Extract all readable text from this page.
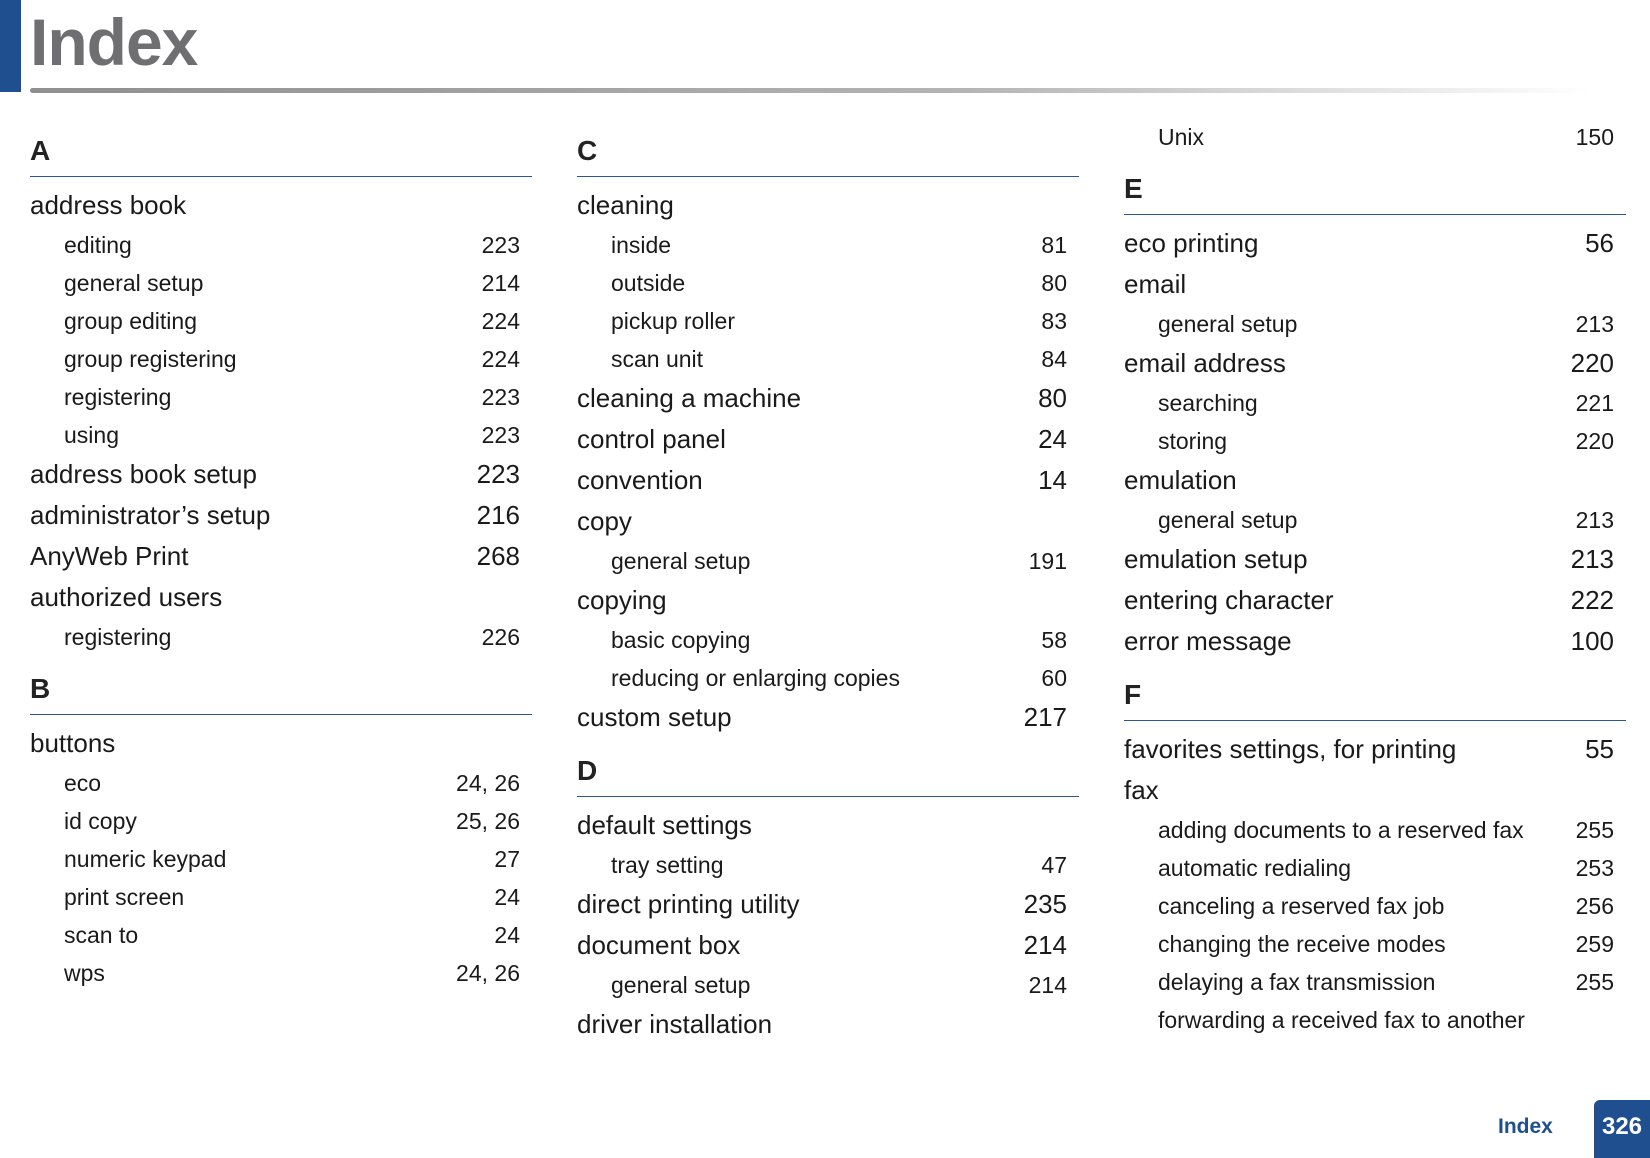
Index
A
address book
editing	223
general setup	214
group editing	224
group registering	224
registering	223
using	223
address book setup	223
administrator’s setup	216
AnyWeb Print	268
authorized users
registering	226
B
buttons
eco	24, 26
id copy	25, 26
numeric keypad	27
print screen	24
scan to	24
wps	24, 26
C
cleaning
inside	81
outside	80
pickup roller	83
scan unit	84
cleaning a machine	80
control panel	24
convention	14
copy
general setup	191
copying
basic copying	58
reducing or enlarging copies	60
custom setup	217
D
default settings
tray setting	47
direct printing utility	235
document box	214
general setup	214
driver installation
Unix	150
E
eco printing	56
email
general setup	213
email address	220
searching	221
storing	220
emulation
general setup	213
emulation setup	213
entering character	222
error message	100
F
favorites settings, for printing	55
fax
adding documents to a reserved fax 255
automatic redialing	253
canceling a reserved fax job	256
changing the receive modes	259
delaying a fax transmission	255
forwarding a received fax to another
Index	326
